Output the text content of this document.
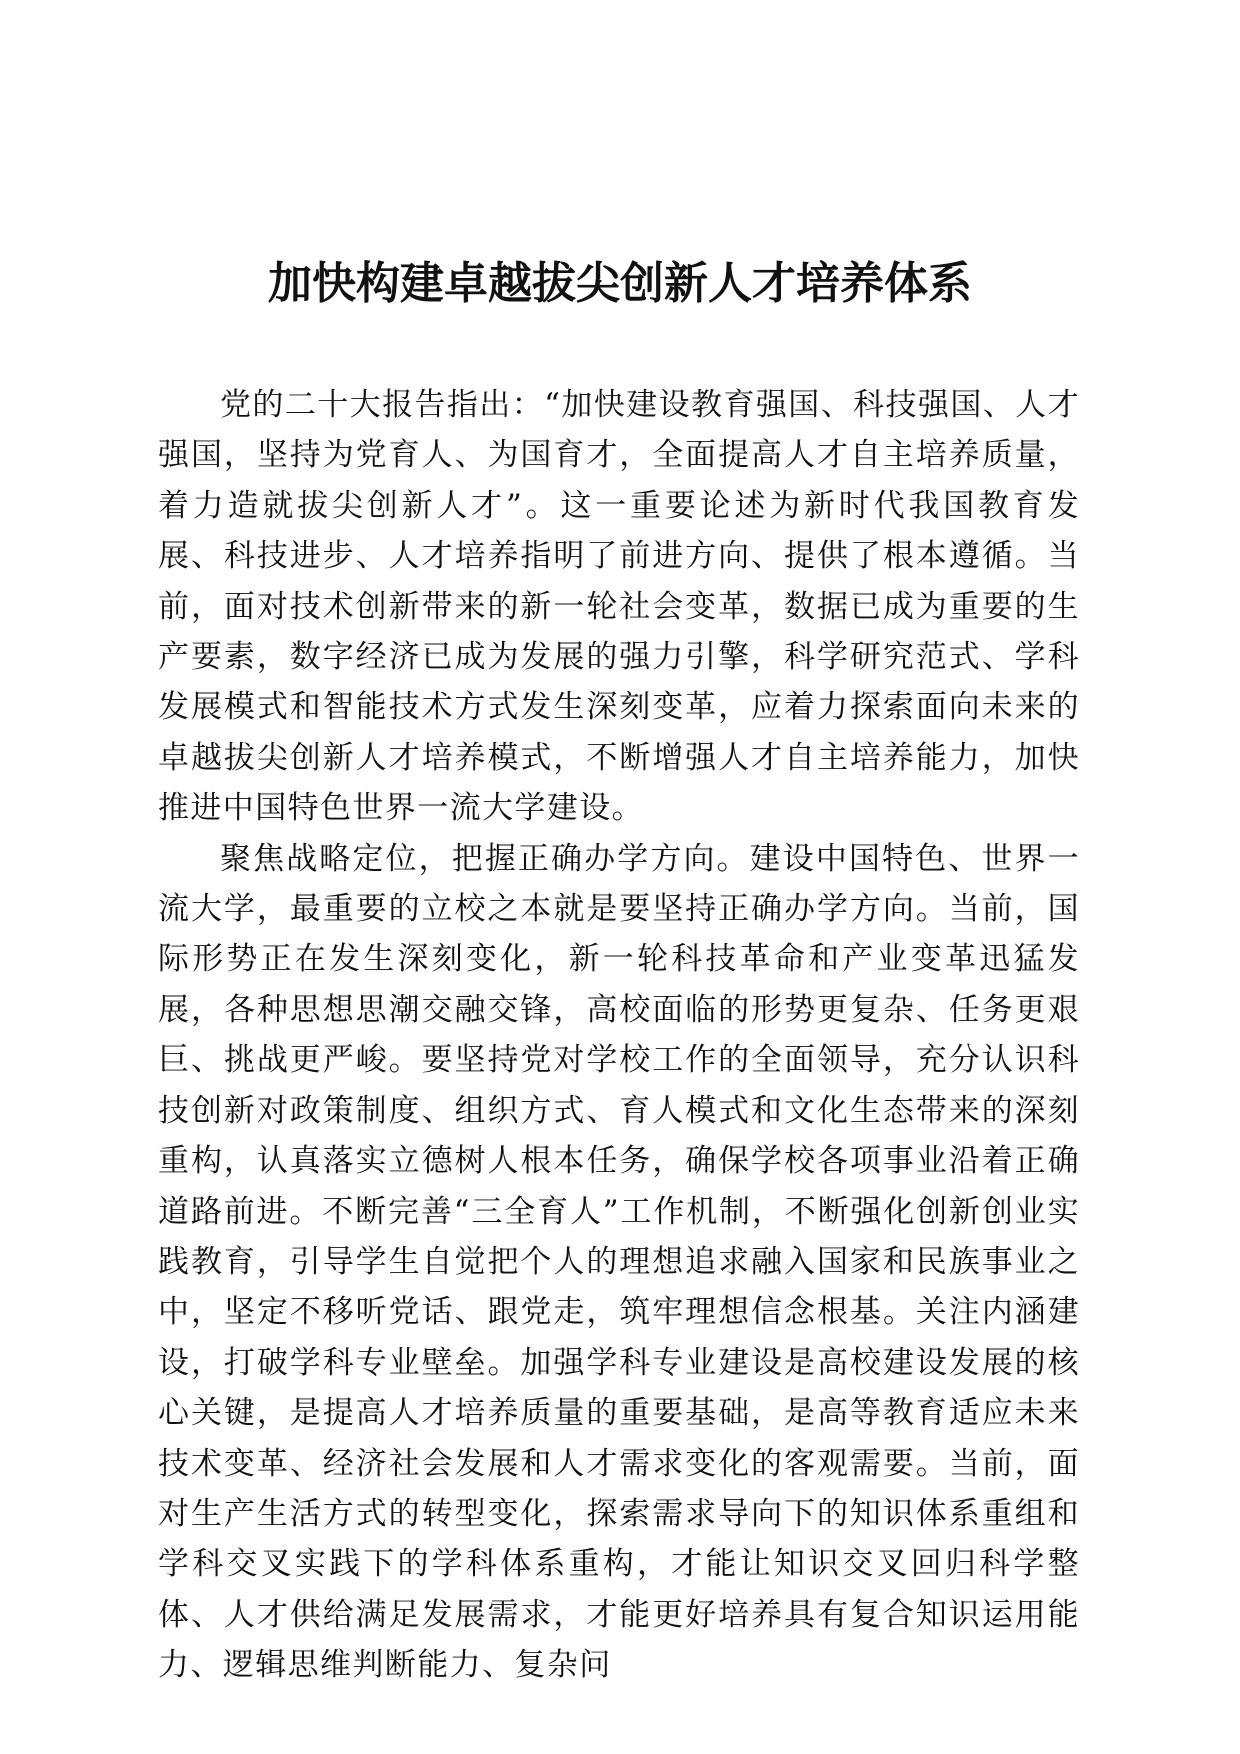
加快构建卓越拔尖创新人才培养体系

党的二十大报告指出：“加快建设教育强国、科技强国、人才强国，坚持为党育人、为国育才，全面提高人才自主培养质量，着力造就拔尖创新人才”。这一重要论述为新时代我国教育发展、科技进步、人才培养指明了前进方向、提供了根本遵循。当前，面对技术创新带来的新一轮社会变革，数据已成为重要的生产要素，数字经济已成为发展的强力引擎，科学研究范式、学科发展模式和智能技术方式发生深刻变革，应着力探索面向未来的卓越拔尖创新人才培养模式，不断增强人才自主培养能力，加快推进中国特色世界一流大学建设。

聚焦战略定位，把握正确办学方向。建设中国特色、世界一流大学，最重要的立校之本就是要坚持正确办学方向。当前，国际形势正在发生深刻变化，新一轮科技革命和产业变革迅猛发展，各种思想思潮交融交锋，高校面临的形势更复杂、任务更艰巨、挑战更严峻。要坚持党对学校工作的全面领导，充分认识科技创新对政策制度、组织方式、育人模式和文化生态带来的深刻重构，认真落实立德树人根本任务，确保学校各项事业沿着正确道路前进。不断完善“三全育人”工作机制，不断强化创新创业实践教育，引导学生自觉把个人的理想追求融入国家和民族事业之中，坚定不移听党话、跟党走，筑牢理想信念根基。关注内涵建设，打破学科专业壁垒。加强学科专业建设是高校建设发展的核心关键，是提高人才培养质量的重要基础，是高等教育适应未来技术变革、经济社会发展和人才需求变化的客观需要。当前，面对生产生活方式的转型变化，探索需求导向下的知识体系重组和学科交叉实践下的学科体系重构，才能让知识交叉回归科学整体、人才供给满足发展需求，才能更好培养具有复合知识运用能力、逻辑思维判断能力、复杂问
